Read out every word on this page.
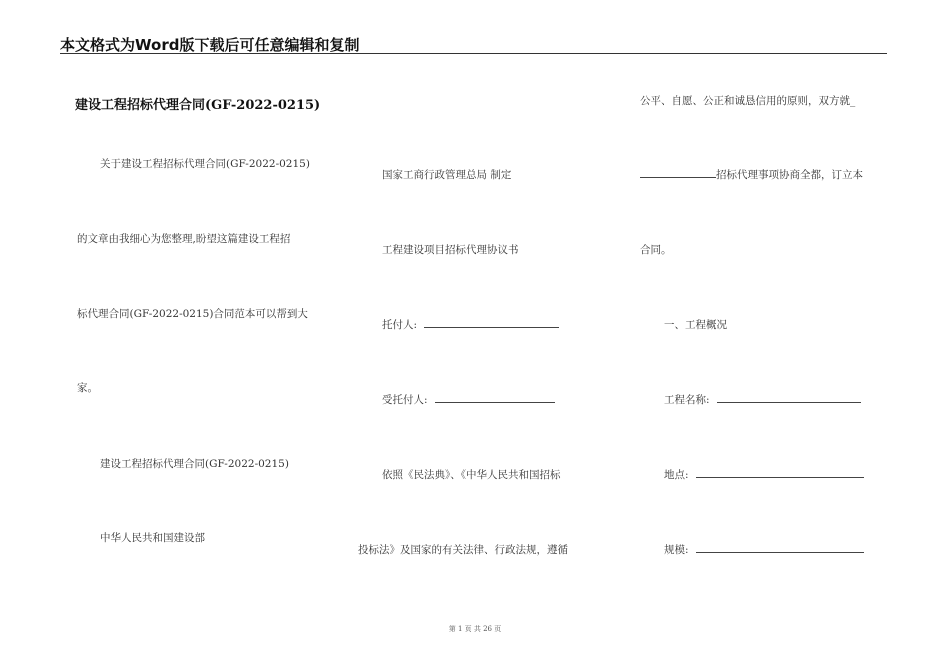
本文格式为Word版下载后可任意编辑和复制
建设工程招标代理合同(GF-2022-0215)
关于建设工程招标代理合同(GF-2022-0215)
的文章由我细心为您整理,盼望这篇建设工程招
标代理合同(GF-2022-0215)合同范本可以帮到大
家。
建设工程招标代理合同(GF-2022-0215)
中华人民共和国建设部
国家工商行政管理总局 制定
工程建设项目招标代理协议书
托付人:
受托付人:
依照《民法典》、《中华人民共和国招标
投标法》及国家的有关法律、行政法规，遵循
公平、自愿、公正和诚恳信用的原则，双方就_
招标代理事项协商全都，订立本
合同。
一、工程概况
工程名称:
地点:
规模:
第 1 页 共 26 页
